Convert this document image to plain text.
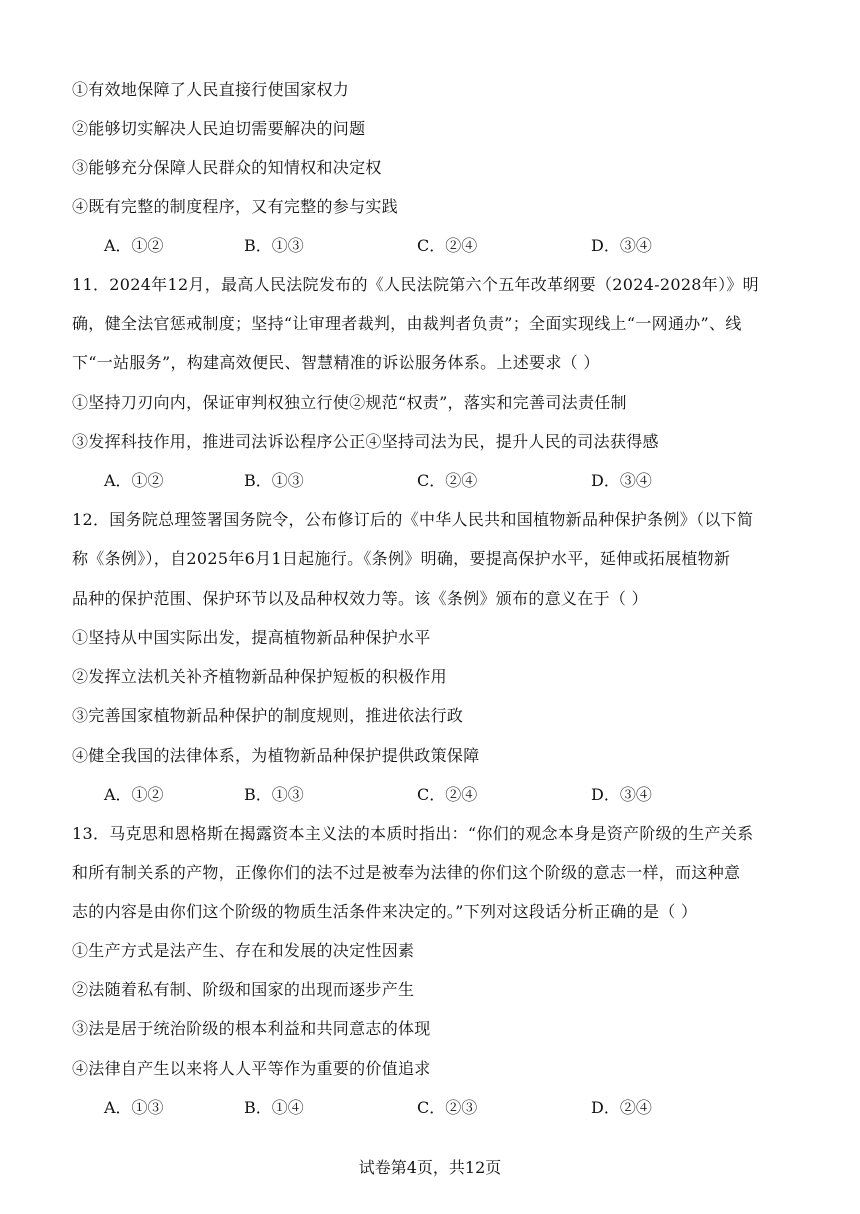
①有效地保障了人民直接行使国家权力
②能够切实解决人民迫切需要解决的问题
③能够充分保障人民群众的知情权和决定权
④既有完整的制度程序，又有完整的参与实践
A．①②	B．①③	C．②④	D．③④
11．2024年12月，最高人民法院发布的《人民法院第六个五年改革纲要（2024-2028年）》明
确，健全法官惩戒制度；坚持“让审理者裁判，由裁判者负责”；全面实现线上“一网通办”、线
下“一站服务”，构建高效便民、智慧精准的诉讼服务体系。上述要求（ ）
①坚持刀刃向内，保证审判权独立行使②规范“权责”，落实和完善司法责任制
③发挥科技作用，推进司法诉讼程序公正④坚持司法为民，提升人民的司法获得感
A．①②	B．①③	C．②④	D．③④
12．国务院总理签署国务院令，公布修订后的《中华人民共和国植物新品种保护条例》（以下简
称《条例》），自2025年6月1日起施行。《条例》明确，要提高保护水平，延伸或拓展植物新
品种的保护范围、保护环节以及品种权效力等。该《条例》颁布的意义在于（ ）
①坚持从中国实际出发，提高植物新品种保护水平
②发挥立法机关补齐植物新品种保护短板的积极作用
③完善国家植物新品种保护的制度规则，推进依法行政
④健全我国的法律体系，为植物新品种保护提供政策保障
A．①②	B．①③	C．②④	D．③④
13．马克思和恩格斯在揭露资本主义法的本质时指出：“你们的观念本身是资产阶级的生产关系
和所有制关系的产物，正像你们的法不过是被奉为法律的你们这个阶级的意志一样，而这种意
志的内容是由你们这个阶级的物质生活条件来决定的。”下列对这段话分析正确的是（ ）
①生产方式是法产生、存在和发展的决定性因素
②法随着私有制、阶级和国家的出现而逐步产生
③法是居于统治阶级的根本利益和共同意志的体现
④法律自产生以来将人人平等作为重要的价值追求
A．①③	B．①④	C．②③	D．②④
试卷第4页，共12页
